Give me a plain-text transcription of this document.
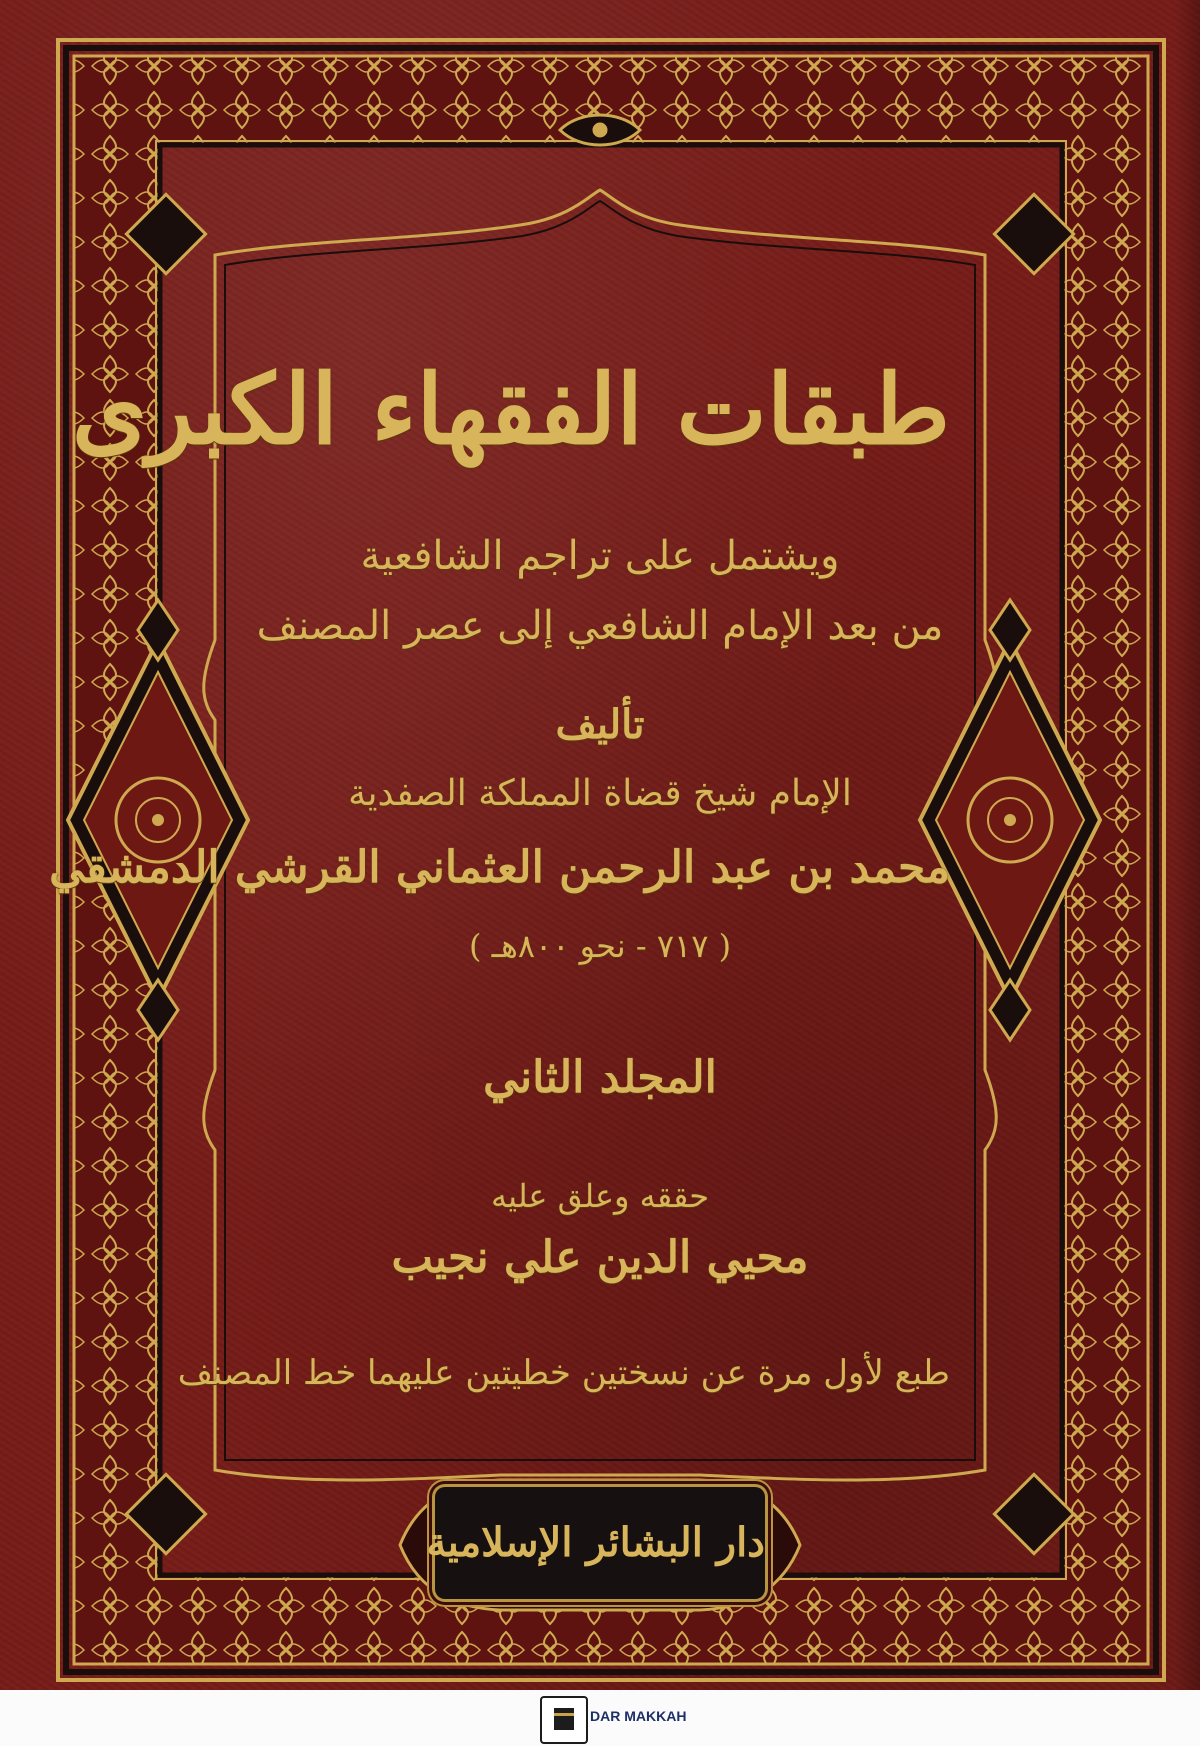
طبقات الفقهاء الكبرى
ويشتمل على تراجم الشافعية
من بعد الإمام الشافعي إلى عصر المصنف
تأليف
الإمام شيخ قضاة المملكة الصفدية
محمد بن عبد الرحمن العثماني القرشي الدمشقي
( ٧١٧ - نحو ٨٠٠هـ )
المجلد الثاني
حققه وعلق عليه
محيي الدين علي نجيب
طبع لأول مرة عن نسختين خطيتين عليهما خط المصنف
دار البشائر الإسلامية
DAR MAKKAH
